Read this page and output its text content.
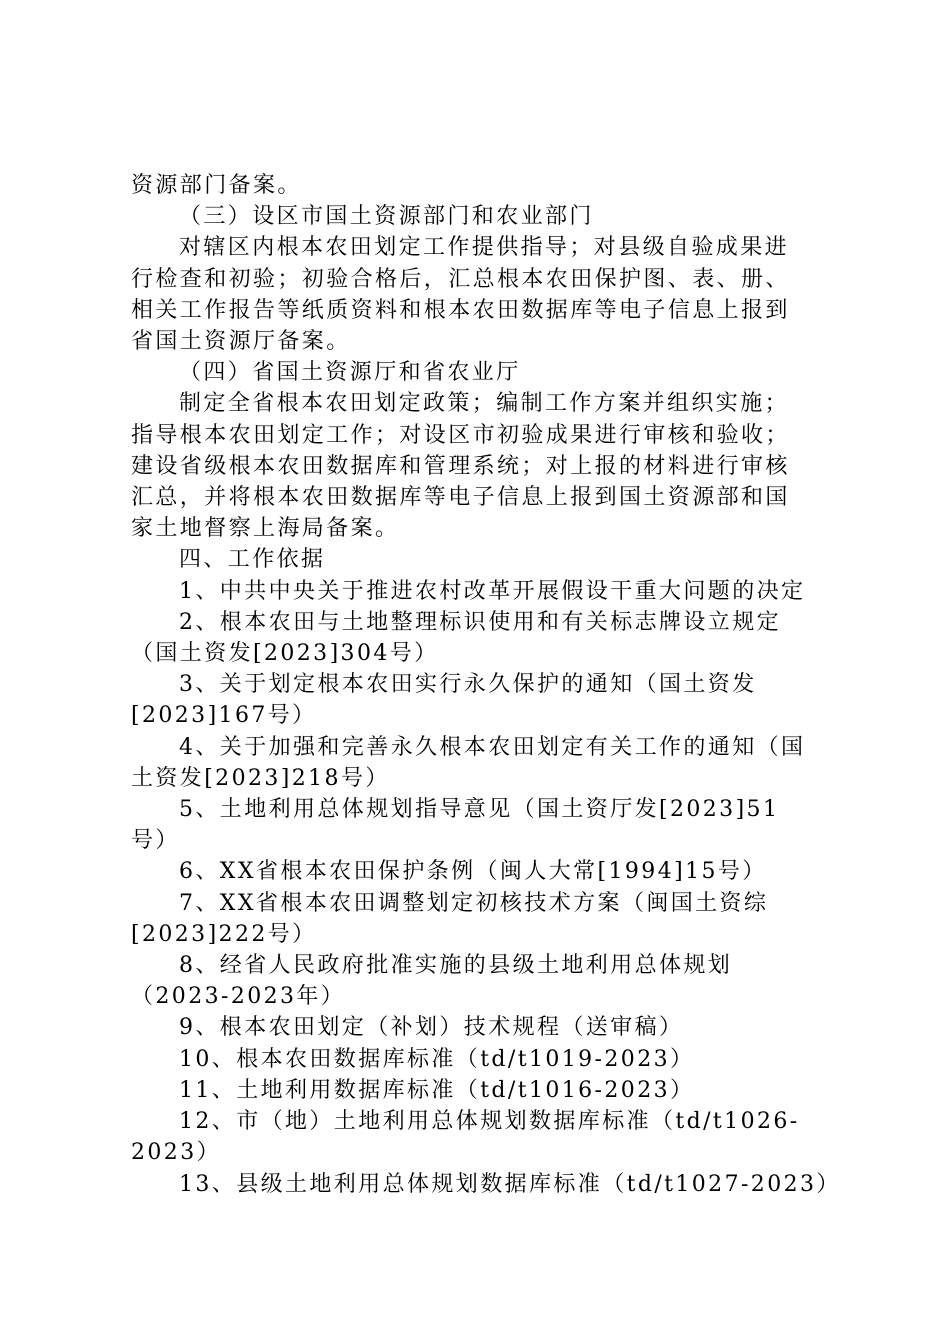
资源部门备案。
（三）设区市国土资源部门和农业部门
对辖区内根本农田划定工作提供指导；对县级自验成果进
行检查和初验；初验合格后，汇总根本农田保护图、表、册、
相关工作报告等纸质资料和根本农田数据库等电子信息上报到
省国土资源厅备案。
（四）省国土资源厅和省农业厅
制定全省根本农田划定政策；编制工作方案并组织实施；
指导根本农田划定工作；对设区市初验成果进行审核和验收；
建设省级根本农田数据库和管理系统；对上报的材料进行审核
汇总，并将根本农田数据库等电子信息上报到国土资源部和国
家土地督察上海局备案。
四、工作依据
1、中共中央关于推进农村改革开展假设干重大问题的决定
2、根本农田与土地整理标识使用和有关标志牌设立规定
（国土资发[2023]304号）
3、关于划定根本农田实行永久保护的通知（国土资发
[2023]167号）
4、关于加强和完善永久根本农田划定有关工作的通知（国
土资发[2023]218号）
5、土地利用总体规划指导意见（国土资厅发[2023]51
号）
6、XX省根本农田保护条例（闽人大常[1994]15号）
7、XX省根本农田调整划定初核技术方案（闽国土资综
[2023]222号）
8、经省人民政府批准实施的县级土地利用总体规划
（2023-2023年）
9、根本农田划定（补划）技术规程（送审稿）
10、根本农田数据库标准（td/t1019-2023）
11、土地利用数据库标准（td/t1016-2023）
12、市（地）土地利用总体规划数据库标准（td/t1026-
2023）
13、县级土地利用总体规划数据库标准（td/t1027-2023）
